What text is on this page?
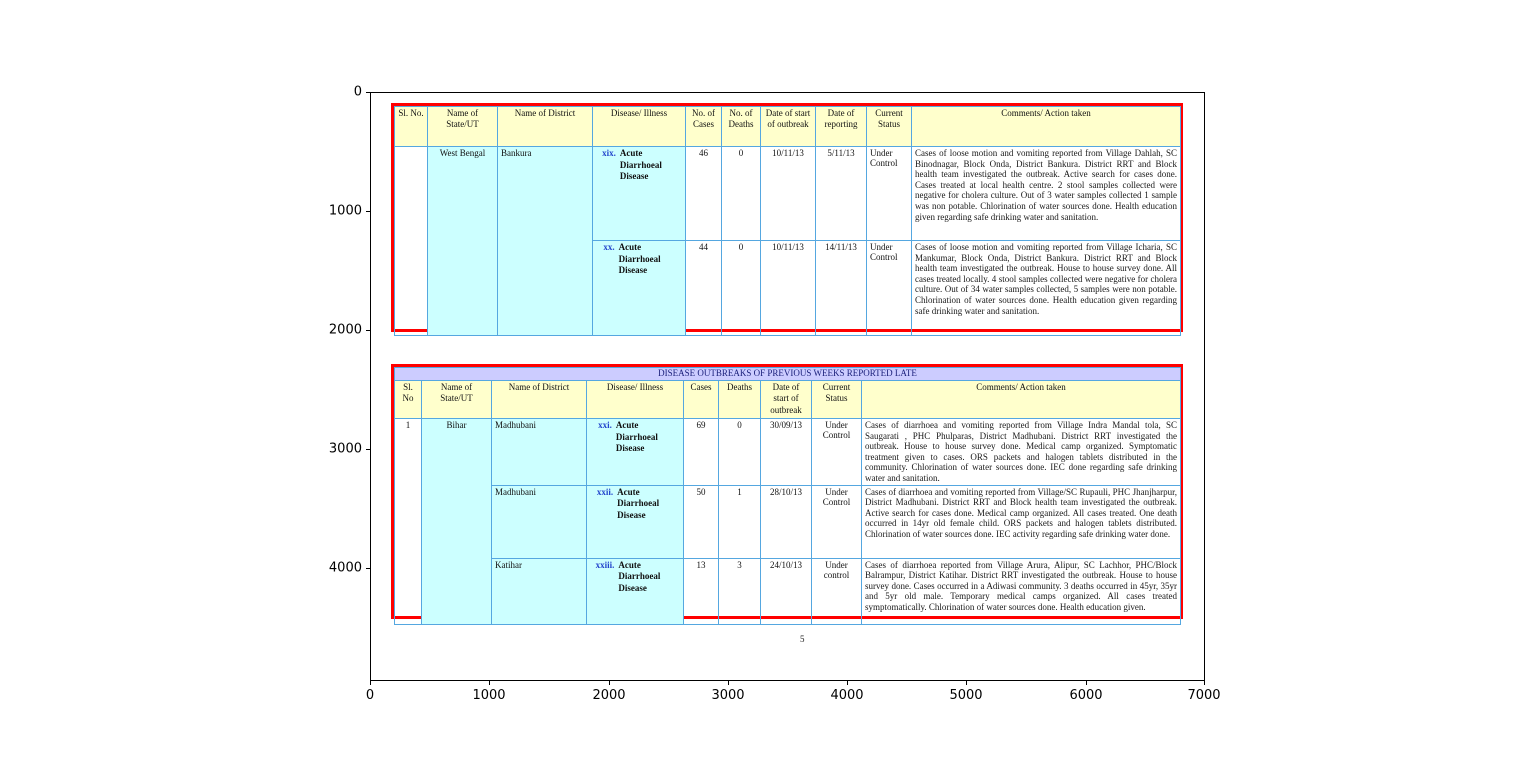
0	1000	2000	3000	4000	5000	6000	7000
0
1000
2000
3000
4000
Sl. No.	Name of State/UT	Name of District	Disease/ Illness	No. of Cases	No. of Deaths	Date of start of outbreak	Date of reporting	Current Status	Comments/ Action taken
	West Bengal	Bankura	xix. Acute Diarrhoeal Disease	46	0	10/11/13	5/11/13	Under Control	Cases of loose motion and vomiting reported from Village Dahlah, SC Binodnagar, Block Onda, District Bankura. District RRT and Block health team investigated the outbreak. Active search for cases done. Cases treated at local health centre. 2 stool samples collected were negative for cholera culture. Out of 3 water samples collected 1 sample was non potable. Chlorination of water sources done. Health education given regarding safe drinking water and sanitation.

			xx. Acute Diarrhoeal Disease	44	0	10/11/13	14/11/13	Under Control	Cases of loose motion and vomiting reported from Village Icharia, SC Mankumar, Block Onda, District Bankura. District RRT and Block health team investigated the outbreak. House to house survey done. All cases treated locally. 4 stool samples collected were negative for cholera culture. Out of 34 water samples collected, 5 samples were non potable. Chlorination of water sources done. Health education given regarding safe drinking water and sanitation.
DISEASE OUTBREAKS OF PREVIOUS WEEKS REPORTED LATE								
Sl. No	Name of State/UT	Name of District	Disease/ Illness	Cases	Deaths	Date of start of outbreak	Current Status	Comments/ Action taken
1	Bihar	Madhubani	xxi. Acute Diarrhoeal Disease	69	0	30/09/13	Under Control	Cases of diarrhoea and vomiting reported from Village Indra Mandal tola, SC Saugarati , PHC Phulparas, District Madhubani. District RRT investigated the outbreak. House to house survey done. Medical camp organized. Symptomatic treatment given to cases. ORS packets and halogen tablets distributed in the community. Chlorination of water sources done. IEC done regarding safe drinking water and sanitation.
		Madhubani	xxii. Acute Diarrhoeal Disease	50	1	28/10/13	Under Control	Cases of diarrhoea and vomiting reported from Village/SC Rupauli, PHC Jhanjharpur, District Madhubani. District RRT and Block health team investigated the outbreak. Active search for cases done. Medical camp organized. All cases treated. One death occurred in 14yr old female child. ORS packets and halogen tablets distributed. Chlorination of water sources done. IEC activity regarding safe drinking water done.
		Katihar	xxiii. Acute Diarrhoeal Disease	13	3	24/10/13	Under control	Cases of diarrhoea reported from Village Arura, Alipur, SC Lachhor, PHC/Block Balrampur, District Katihar. District RRT investigated the outbreak. House to house survey done. Cases occurred in a Adiwasi community. 3 deaths occurred in 45yr, 35yr and 5yr old male. Temporary medical camps organized. All cases treated symptomatically. Chlorination of water sources done. Health education given.
5
